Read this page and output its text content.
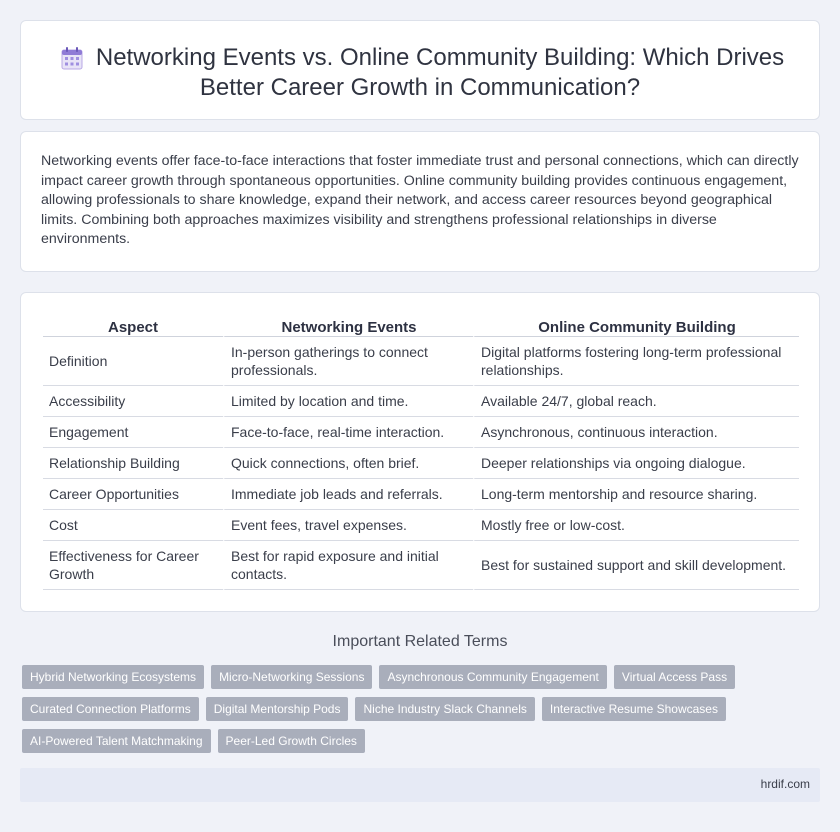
Networking Events vs. Online Community Building: Which Drives
Better Career Growth in Communication?

Networking events offer face-to-face interactions that foster immediate trust and personal connections, which can directly impact career growth through spontaneous opportunities. Online community building provides continuous engagement, allowing professionals to share knowledge, expand their network, and access career resources beyond geographical limits. Combining both approaches maximizes visibility and strengthens professional relationships in diverse environments.

Aspect	Networking Events	Online Community Building
Definition	In-person gatherings to connect professionals.	Digital platforms fostering long-term professional relationships.
Accessibility	Limited by location and time.	Available 24/7, global reach.
Engagement	Face-to-face, real-time interaction.	Asynchronous, continuous interaction.
Relationship Building	Quick connections, often brief.	Deeper relationships via ongoing dialogue.
Career Opportunities	Immediate job leads and referrals.	Long-term mentorship and resource sharing.
Cost	Event fees, travel expenses.	Mostly free or low-cost.
Effectiveness for Career Growth	Best for rapid exposure and initial contacts.	Best for sustained support and skill development.
Important Related Terms
Hybrid Networking Ecosystems	Micro-Networking Sessions	Asynchronous Community Engagement	Virtual Access Pass
Curated Connection Platforms	Digital Mentorship Pods	Niche Industry Slack Channels	Interactive Resume Showcases
AI-Powered Talent Matchmaking	Peer-Led Growth Circles
hrdif.com
